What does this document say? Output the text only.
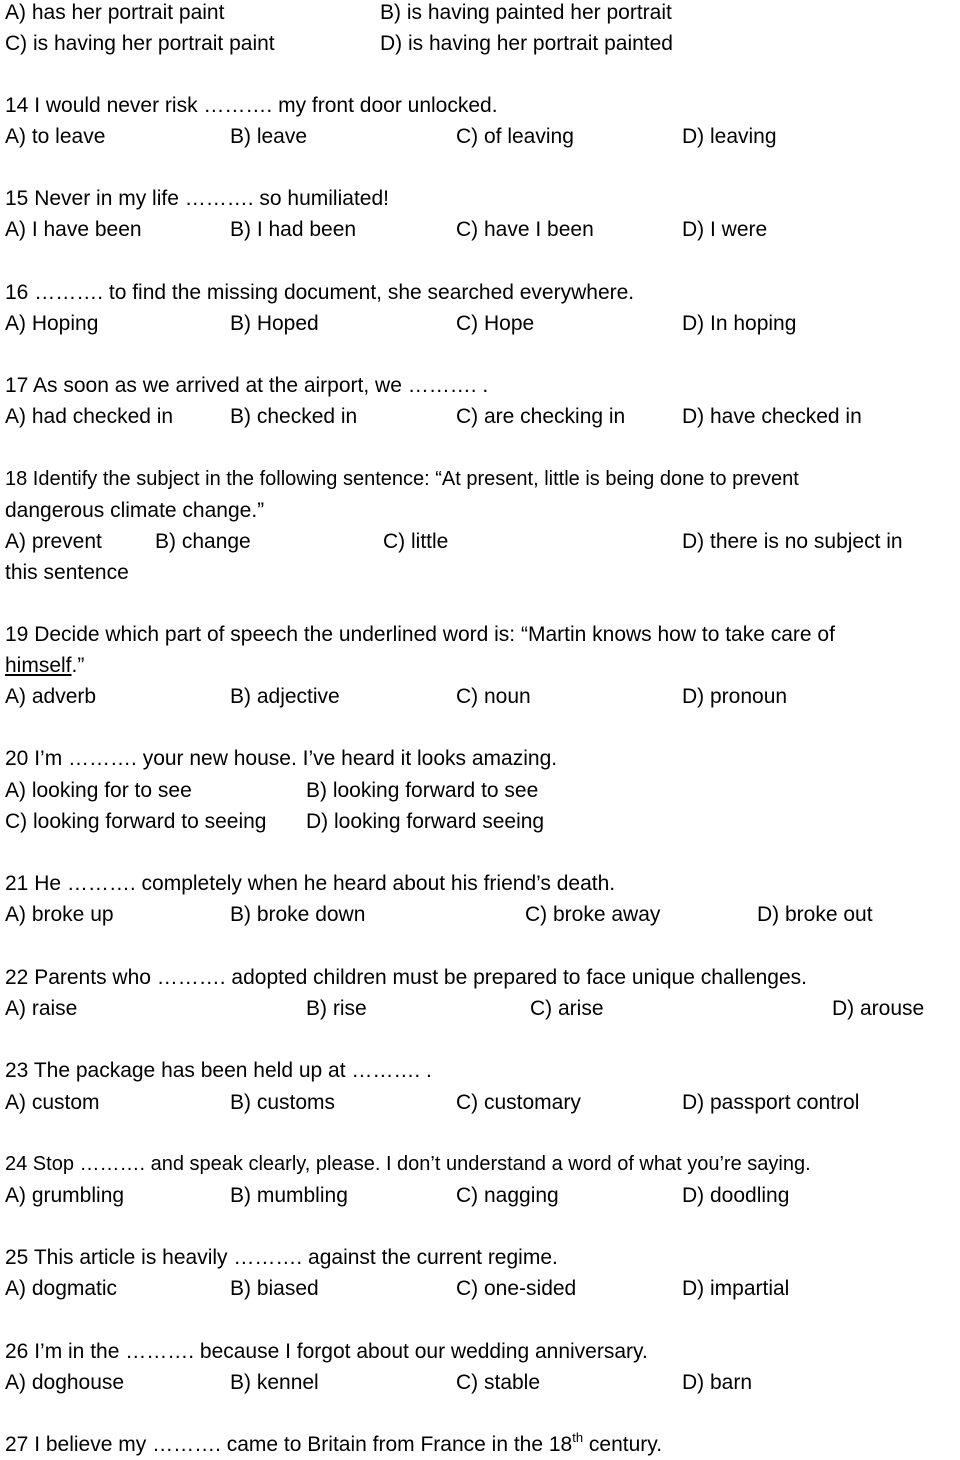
A) has her portrait paint	B) is having painted her portrait
C) is having her portrait paint	D) is having her portrait painted
14 I would never risk ………. my front door unlocked.
A) to leave	B) leave	C) of leaving	D) leaving
15 Never in my life ………. so humiliated!
A) I have been	B) I had been	C) have I been	D) I were
16 ………. to find the missing document, she searched everywhere.
A) Hoping	B) Hoped	C) Hope	D) In hoping
17 As soon as we arrived at the airport, we ………. .
A) had checked in	B) checked in	C) are checking in	D) have checked in
18 Identify the subject in the following sentence: “At present, little is being done to prevent
dangerous climate change.”
A) prevent	B) change	C) little	D) there is no subject in
this sentence
19 Decide which part of speech the underlined word is: “Martin knows how to take care of
himself.”
A) adverb	B) adjective	C) noun	D) pronoun
20 I’m ………. your new house. I’ve heard it looks amazing.
A) looking for to see	B) looking forward to see
C) looking forward to seeing D) looking forward seeing
21 He ………. completely when he heard about his friend’s death.
A) broke up	B) broke down	C) broke away	D) broke out
22 Parents who ………. adopted children must be prepared to face unique challenges.
A) raise	B) rise	C) arise	D) arouse
23 The package has been held up at ………. .
A) custom	B) customs	C) customary	D) passport control
24 Stop ………. and speak clearly, please. I don’t understand a word of what you’re saying.
A) grumbling	B) mumbling	C) nagging	D) doodling
25 This article is heavily ………. against the current regime.
A) dogmatic	B) biased	C) one-sided	D) impartial
26 I’m in the ………. because I forgot about our wedding anniversary.
A) doghouse	B) kennel	C) stable	D) barn
27 I believe my ………. came to Britain from France in the 18th century.
